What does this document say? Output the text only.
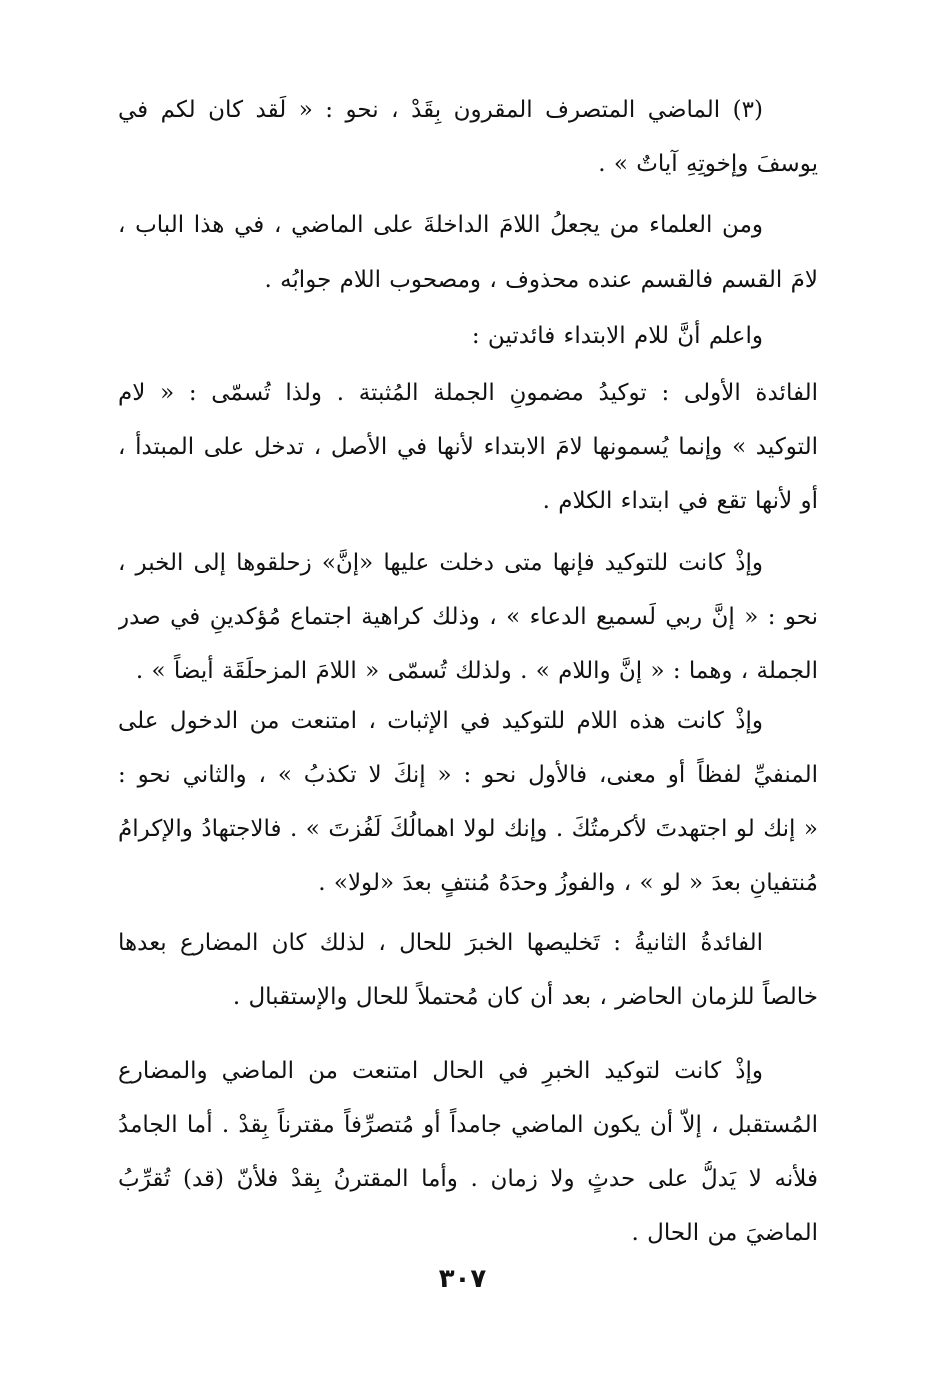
(٣) الماضي المتصرف المقرون بِقَدْ ، نحو : « لَقد كان لكم في
يوسفَ وإخوتِهِ آياتٌ » .
ومن العلماء من يجعلُ اللامَ الداخلةَ على الماضي ، في هذا الباب ،
لامَ القسم فالقسم عنده محذوف ، ومصحوب اللام جوابُه .
واعلم أنَّ للام الابتداء فائدتين :
الفائدة الأولى : توكيدُ مضمونِ الجملة المُثبتة . ولذا تُسمّى : « لام
التوكيد » وإنما يُسمونها لامَ الابتداء لأنها في الأصل ، تدخل على المبتدأ ،
أو لأنها تقع في ابتداء الكلام .
وإذْ كانت للتوكيد فإنها متى دخلت عليها «إنَّ» زحلقوها إلى الخبر ،
نحو : « إنَّ ربي لَسميع الدعاء » ، وذلك كراهية اجتماع مُؤكدينِ في صدر
الجملة ، وهما : « إنَّ واللام » . ولذلك تُسمّى « اللامَ المزحلَقَة أيضاً » .
وإذْ كانت هذه اللام للتوكيد في الإثبات ، امتنعت من الدخول على
المنفيِّ لفظاً أو معنى، فالأول نحو : « إنكَ لا تكذبُ » ، والثاني نحو :
« إنك لو اجتهدتَ لأكرمتُكَ . وإنك لولا اهمالُكَ لَفُزتَ » . فالاجتهادُ والإكرامُ
مُنتفيانِ بعدَ « لو » ، والفوزُ وحدَهُ مُنتفٍ بعدَ «لولا» .
الفائدةُ الثانيةُ : تَخليصها الخبرَ للحال ، لذلك كان المضارع بعدها
خالصاً للزمان الحاضر ، بعد أن كان مُحتملاً للحال والإستقبال .
وإذْ كانت لتوكيد الخبرِ في الحال امتنعت من الماضي والمضارع
المُستقبل ، إلاّ أن يكون الماضي جامداً أو مُتصرِّفاً مقترناً بِقدْ . أما الجامدُ
فلأنه لا يَدلُّ على حدثٍ ولا زمان . وأما المقترنُ بِقدْ فلأنّ (قد) تُقرِّبُ
الماضيَ من الحال .
٣٠٧
